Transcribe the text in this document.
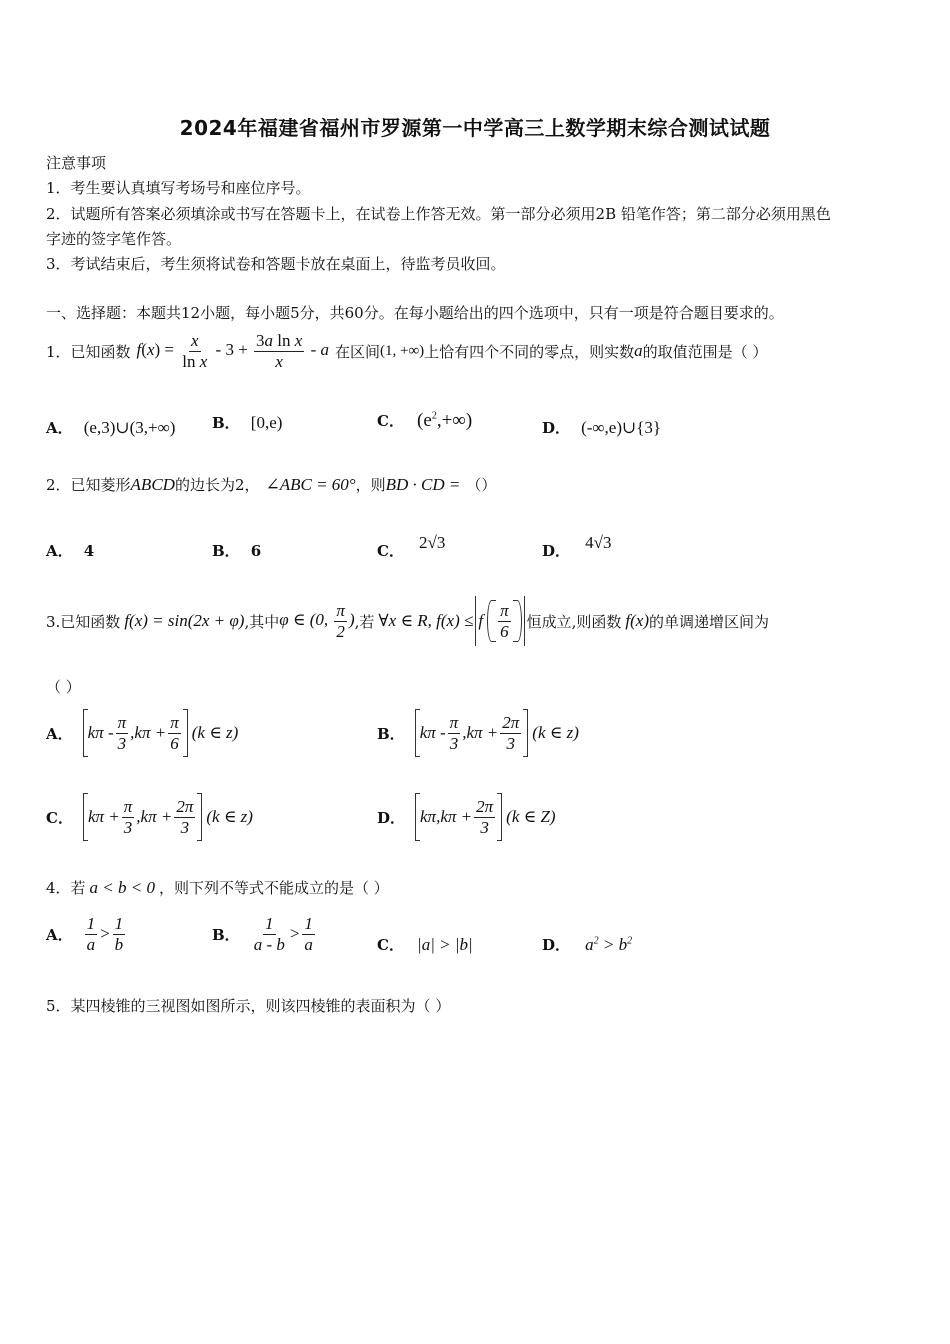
2024年福建省福州市罗源第一中学高三上数学期末综合测试试题
注意事项
1．考生要认真填写考场号和座位序号。
2．试题所有答案必须填涂或书写在答题卡上，在试卷上作答无效。第一部分必须用2B 铅笔作答；第二部分必须用黑色
字迹的签字笔作答。
3．考试结束后，考生须将试卷和答题卡放在桌面上，待监考员收回。
一、选择题：本题共12小题，每小题5分，共60分。在每小题给出的四个选项中，只有一项是符合题目要求的。
1．已知函数 $f(x) = \frac{x}{\text{ln x}} - 3 + \frac{\text{3a ln x}}{x} - a$ 在区间 (1, +∞) 上恰有四个不同的零点，则实数 a 的取值范围是（ ）
A． (e,3)∪(3,+∞) B． [0,e)	C． $(e^2,+\infty)$	D． (-∞,e)∪{3}
2．已知菱形 ABCD 的边长为2， ∠ABC = 60° ，则 BD · CD = （）
A． 4	B． 6	C． 2√3	D． 4√3
3.已知函数 f(x) = sin(2x + φ) ,其中 φ ∈ (0, $\frac{\pi}{2}$ ) ,若 ∀x ∈ R, f(x) ≤ f $\frac{\pi}{6}$ 恒成立,则函数 f(x) 的单调递增区间为
（ ）
A． $k\pi - \frac{\pi}{3} ,k\pi + \frac{\pi}{6} (k$ ∈ z)	B． $k\pi - \frac{\pi}{3} ,k\pi + \frac{2\pi}{3} (k$ ∈ z)
C． $k\pi + \frac{\pi}{3} ,k\pi + \frac{2\pi}{3} (k$ ∈ z)	D． $k\pi,k\pi + \frac{2\pi}{3} (k$ ∈ Z)
4．若 a < b < 0 ，则下列不等式不能成立的是（ ）
A． $\frac{1}{a} > \frac{1}{b}$	B． $\frac{1}{a - b} > \frac{1}{a}$	C． |a| > |b|	D． $a^2 > b^2$
5．某四棱锥的三视图如图所示，则该四棱锥的表面积为（ ）
